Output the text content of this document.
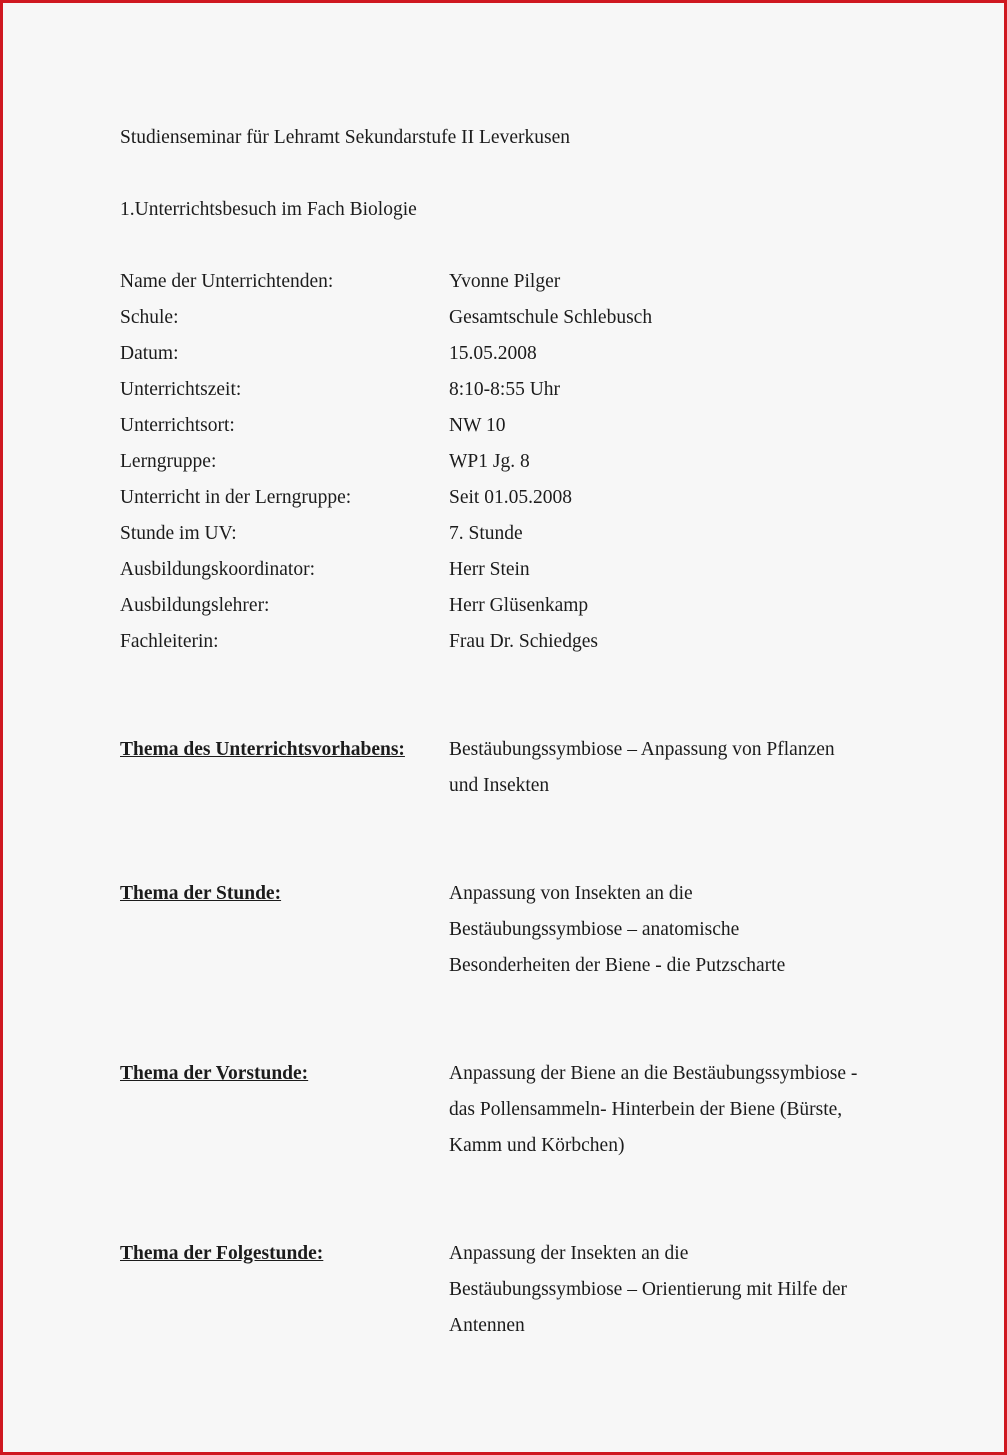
Studienseminar für Lehramt Sekundarstufe II Leverkusen
1.Unterrichtsbesuch im Fach Biologie
Name der Unterrichtenden:	Yvonne Pilger
Schule:	Gesamtschule Schlebusch
Datum:	15.05.2008
Unterrichtszeit:	8:10-8:55 Uhr
Unterrichtsort:	NW 10
Lerngruppe:	WP1 Jg. 8
Unterricht in der Lerngruppe:	Seit 01.05.2008
Stunde im UV:	7. Stunde
Ausbildungskoordinator:	Herr Stein
Ausbildungslehrer:	Herr Glüsenkamp
Fachleiterin:	Frau Dr. Schiedges
Thema des Unterrichtsvorhabens:	Bestäubungssymbiose – Anpassung von Pflanzen
und Insekten
Thema der Stunde:	Anpassung von Insekten an die
Bestäubungssymbiose – anatomische
Besonderheiten der Biene - die Putzscharte
Thema der Vorstunde:	Anpassung der Biene an die Bestäubungssymbiose -
das Pollensammeln- Hinterbein der Biene (Bürste,
Kamm und Körbchen)
Thema der Folgestunde:	Anpassung der Insekten an die
Bestäubungssymbiose – Orientierung mit Hilfe der
Antennen
